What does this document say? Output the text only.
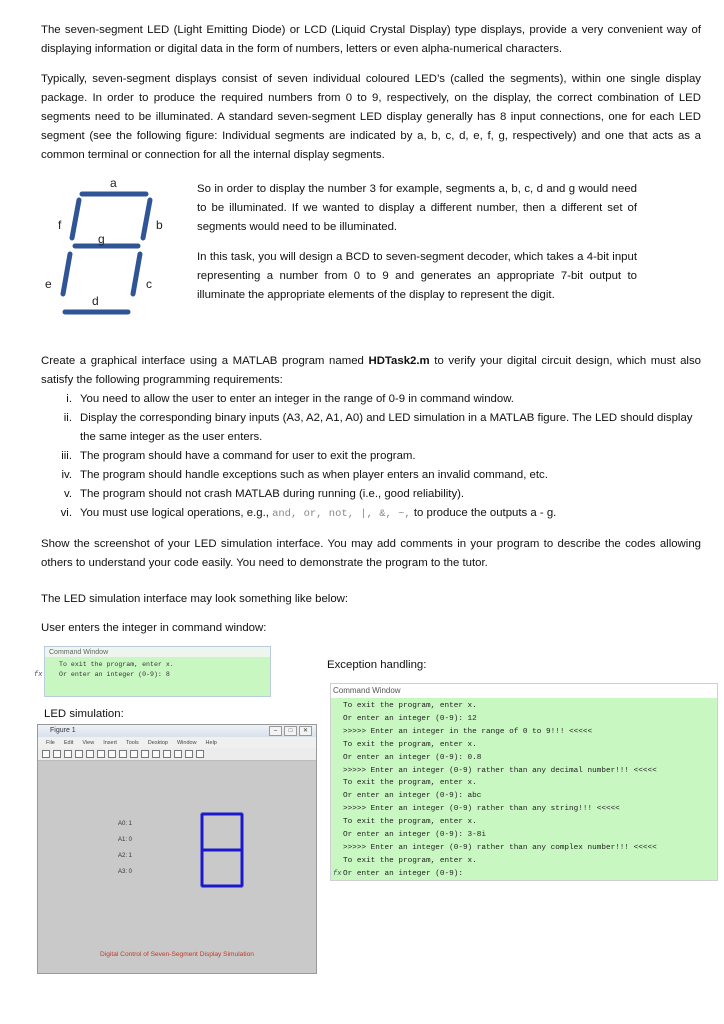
The seven-segment LED (Light Emitting Diode) or LCD (Liquid Crystal Display) type displays, provide a very convenient way of displaying information or digital data in the form of numbers, letters or even alpha-numerical characters.

Typically, seven-segment displays consist of seven individual coloured LED’s (called the segments), within one single display package. In order to produce the required numbers from 0 to 9, respectively, on the display, the correct combination of LED segments need to be illuminated. A standard seven-segment LED display generally has 8 input connections, one for each LED segment (see the following figure: Individual segments are indicated by a, b, c, d, e, f, g, respectively) and one that acts as a common terminal or connection for all the internal display segments.

a
b
c
d
e
f
g

So in order to display the number 3 for example, segments a, b, c, d and g would need to be illuminated. If we wanted to display a different number, then a different set of segments would need to be illuminated.

In this task, you will design a BCD to seven-segment decoder, which takes a 4-bit input representing a number from 0 to 9 and generates an appropriate 7-bit output to illuminate the appropriate elements of the display to represent the digit.

Create a graphical interface using a MATLAB program named HDTask2.m to verify your digital circuit design, which must also satisfy the following programming requirements:

i. You need to allow the user to enter an integer in the range of 0-9 in command window.
ii. Display the corresponding binary inputs (A3, A2, A1, A0) and LED simulation in a MATLAB figure. The LED should display the same integer as the user enters.
iii. The program should have a command for user to exit the program.
iv. The program should handle exceptions such as when player enters an invalid command, etc.
v. The program should not crash MATLAB during running (i.e., good reliability).
vi. You must use logical operations, e.g., and, or, not, |, &, ~, to produce the outputs a - g.

Show the screenshot of your LED simulation interface. You may add comments in your program to describe the codes allowing others to understand your code easily. You need to demonstrate the program to the tutor.

The LED simulation interface may look something like below:

User enters the integer in command window:
Command Window
To exit the program, enter x.
fx	Or enter an integer (0-9): 8
Exception handling:
Command Window
To exit the program, enter x.
Or enter an integer (0-9): 12
>>>>> Enter an integer in the range of 0 to 9!!! <<<<<
To exit the program, enter x.
Or enter an integer (0-9): 0.8
>>>>> Enter an integer (0-9) rather than any decimal number!!! <<<<<
To exit the program, enter x.
Or enter an integer (0-9): abc
>>>>> Enter an integer (0-9) rather than any string!!! <<<<<
To exit the program, enter x.
Or enter an integer (0-9): 3-8i
>>>>> Enter an integer (0-9) rather than any complex number!!! <<<<<
To exit the program, enter x.
fx Or enter an integer (0-9):
LED simulation:
Figure 1	–	□	✕
File Edit View Insert Tools Desktop Window Help
A0: 1
A1: 0
A2: 1
A3: 0
Digital Control of Seven-Segment Display Simulation
